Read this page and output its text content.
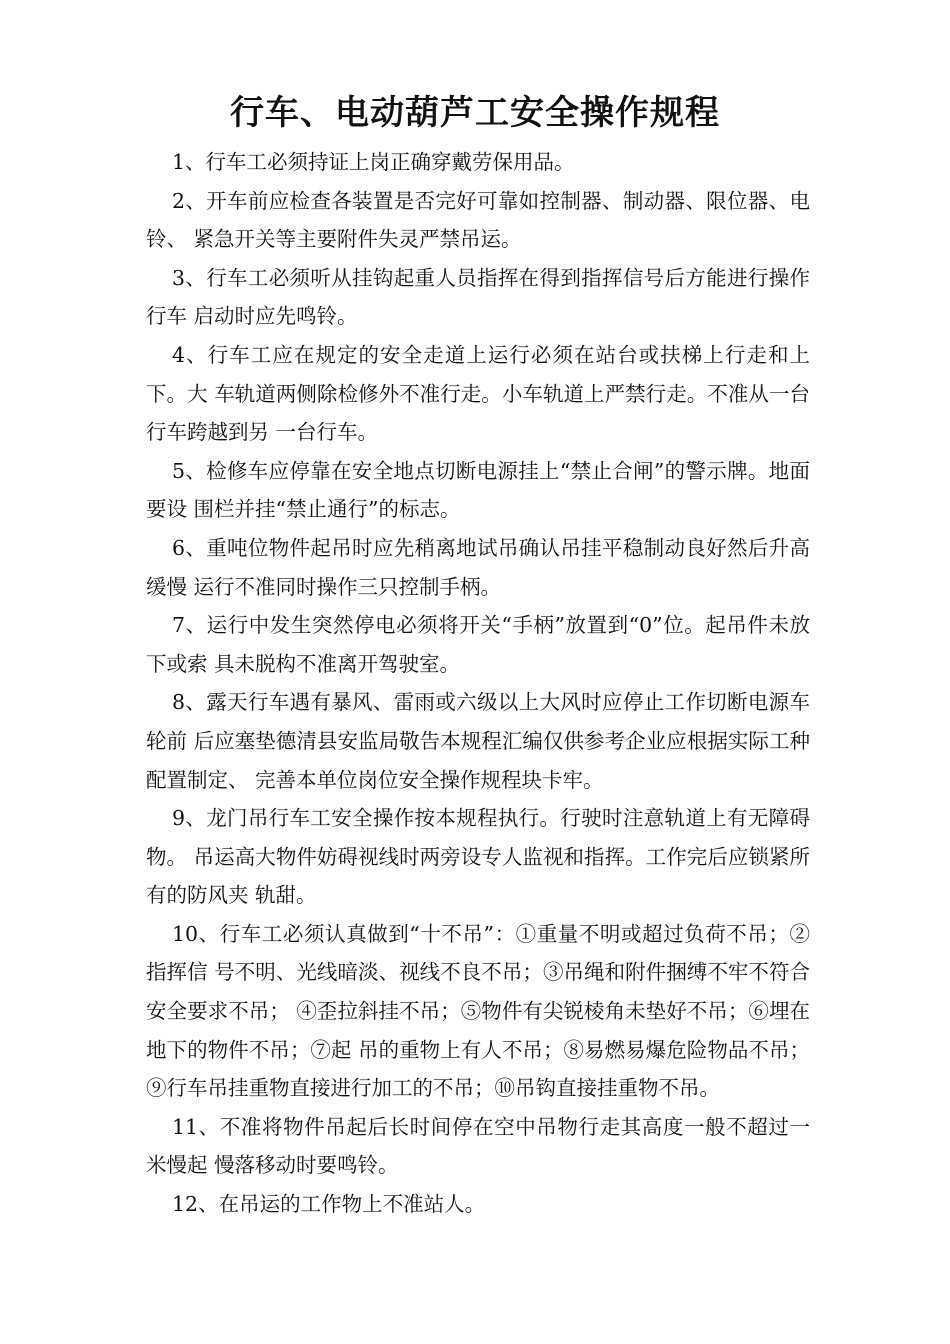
行车、电动葫芦工安全操作规程

1、行车工必须持证上岗正确穿戴劳保用品。

2、开车前应检查各装置是否完好可靠如控制器、制动器、限位器、电铃、 紧急开关等主要附件失灵严禁吊运。

3、行车工必须听从挂钩起重人员指挥在得到指挥信号后方能进行操作行车 启动时应先鸣铃。

4、行车工应在规定的安全走道上运行必须在站台或扶梯上行走和上下。大 车轨道两侧除检修外不准行走。小车轨道上严禁行走。不准从一台行车跨越到另 一台行车。

5、检修车应停靠在安全地点切断电源挂上“禁止合闸”的警示牌。地面要设 围栏并挂“禁止通行”的标志。

6、重吨位物件起吊时应先稍离地试吊确认吊挂平稳制动良好然后升高缓慢 运行不准同时操作三只控制手柄。

7、运行中发生突然停电必须将开关“手柄”放置到“0”位。起吊件未放下或索 具未脱构不准离开驾驶室。

8、露天行车遇有暴风、雷雨或六级以上大风时应停止工作切断电源车轮前 后应塞垫德清县安监局敬告本规程汇编仅供参考企业应根据实际工种配置制定、 完善本单位岗位安全操作规程块卡牢。

9、龙门吊行车工安全操作按本规程执行。行驶时注意轨道上有无障碍物。 吊运高大物件妨碍视线时两旁设专人监视和指挥。工作完后应锁紧所有的防风夹 轨甜。

10、行车工必须认真做到“十不吊”：①重量不明或超过负荷不吊；②指挥信 号不明、光线暗淡、视线不良不吊；③吊绳和附件捆缚不牢不符合安全要求不吊； ④歪拉斜挂不吊；⑤物件有尖锐棱角未垫好不吊；⑥埋在地下的物件不吊；⑦起 吊的重物上有人不吊；⑧易燃易爆危险物品不吊；⑨行车吊挂重物直接进行加工的不吊；⑩吊钩直接挂重物不吊。

11、不准将物件吊起后长时间停在空中吊物行走其高度一般不超过一米慢起 慢落移动时要鸣铃。

12、在吊运的工作物上不准站人。
